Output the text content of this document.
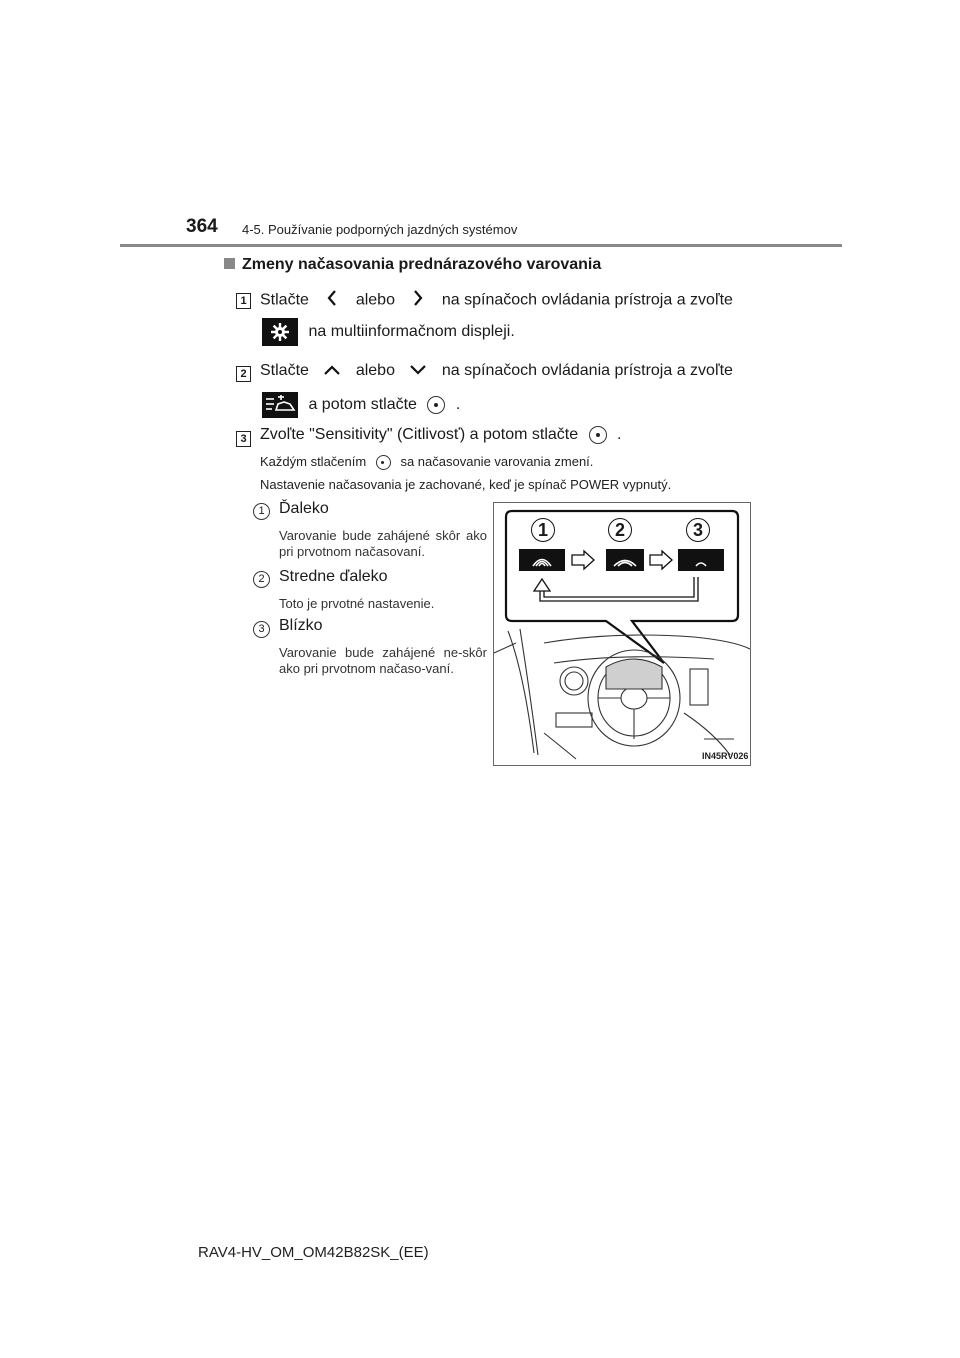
364 4-5. Používanie podporných jazdných systémov
Zmeny načasovania prednárazového varovania
1 Stlačte	alebo	na spínačoch ovládania prístroja a zvoľte
na multiinformačnom displeji.
2 Stlačte	alebo	na spínačoch ovládania prístroja a zvoľte
a potom stlačte .
3 Zvoľte "Sensitivity" (Citlivosť) a potom stlačte .
Každým stlačením	sa načasovanie varovania zmení.
Nastavenie načasovania je zachované, keď je spínač POWER vypnutý.
1 Ďaleko
Varovanie bude zahájené skôr ako pri prvotnom načasovaní.
2 Stredne ďaleko
Toto je prvotné nastavenie.
3 Blízko
Varovanie bude zahájené ne-skôr ako pri prvotnom načaso-vaní.
1	2	3
IN45RV026
RAV4-HV_OM_OM42B82SK_(EE)
